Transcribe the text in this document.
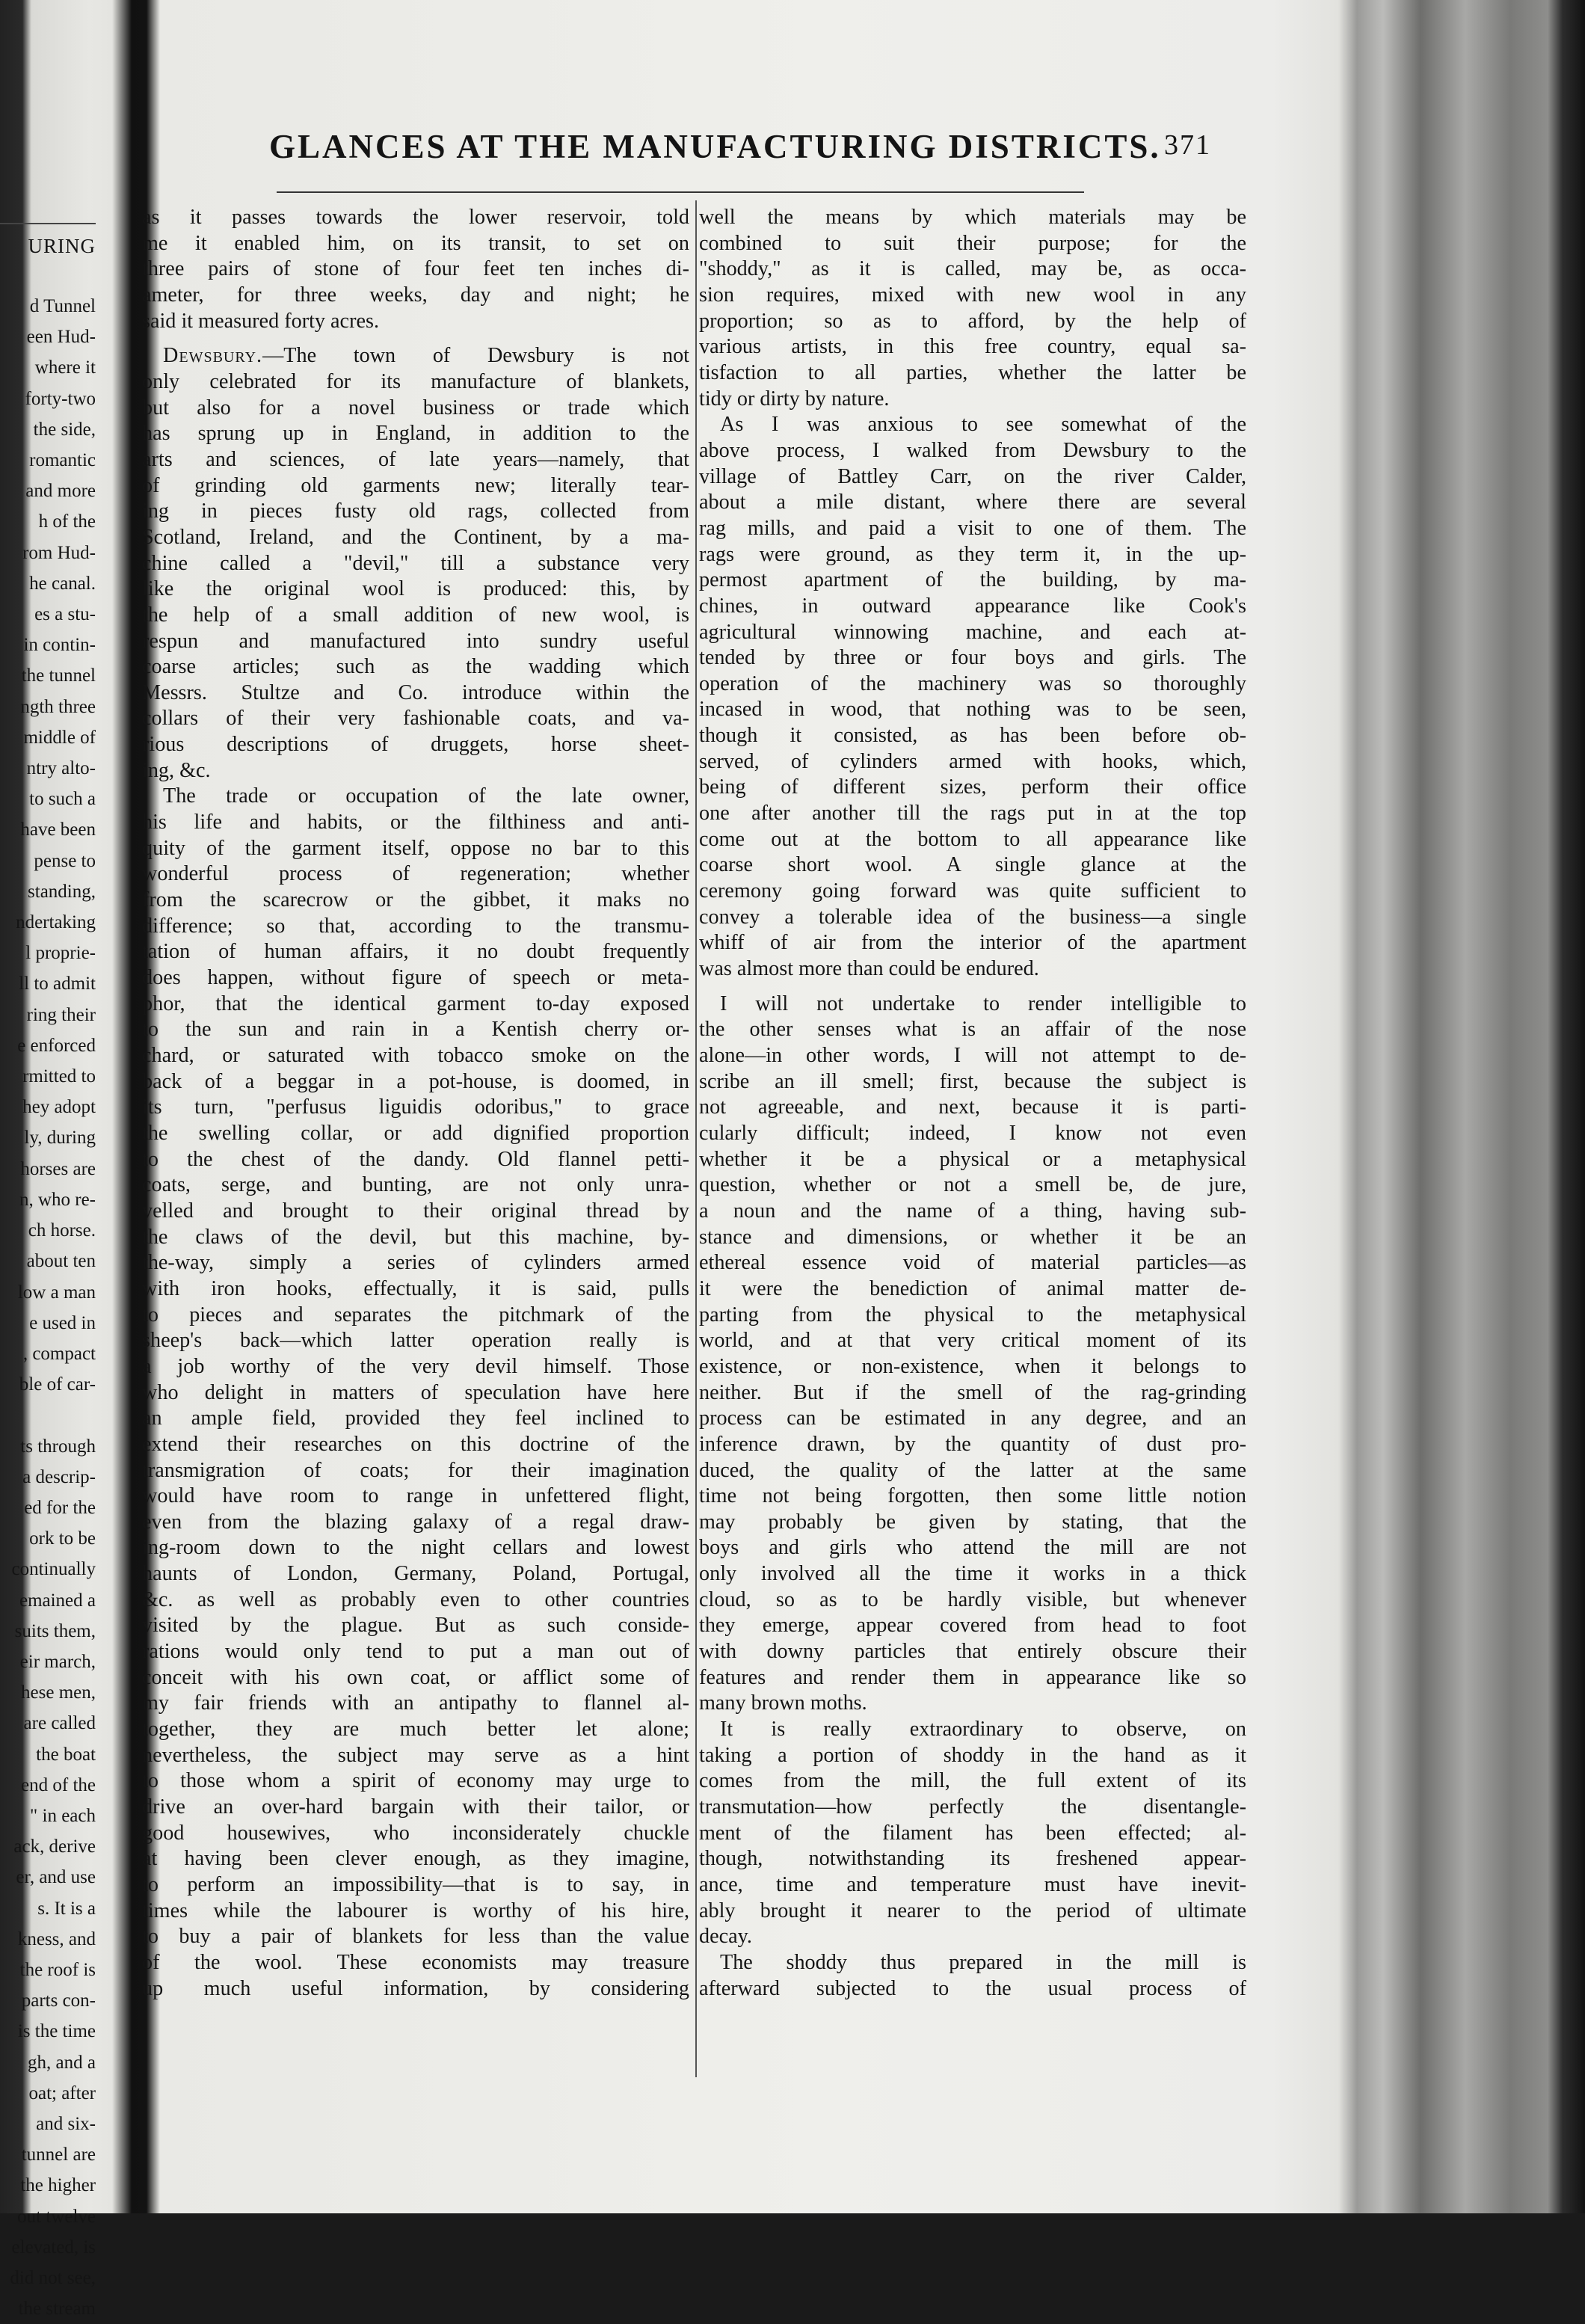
URING
d Tunnel
een Hud-
where it
forty-two
the side,
romantic
and more
h of the
rom Hud-
he canal.
es a stu-
in contin-
the tunnel
ngth three
middle of
ntry alto-
to such a
have been
pense to
standing,
ndertaking
l proprie-
ll to admit
ring their
e enforced
rmitted to
hey adopt
ly, during
horses are
n, who re-
ch horse.
about ten
low a man
e used in
, compact
ble of car-

ts through
a descrip-
ed for the
ork to be
continually
emained a
suits them,
eir march,
hese men,
are called
the boat
end of the
" in each
ack, derive
er, and use
s. It is a
kness, and
the roof is
parts con-
is the time
gh, and a
oat; after
and six-
tunnel are
the higher
out twelve
elevated, is
did not see,
the stream
GLANCES AT THE MANUFACTURING DISTRICTS. 371
as it passes towards the lower reservoir, told
me it enabled him, on its transit, to set on
three pairs of stone of four feet ten inches di-
ameter, for three weeks, day and night; he
said it measured forty acres.
Dewsbury.—The town of Dewsbury is not
only celebrated for its manufacture of blankets,
but also for a novel business or trade which
has sprung up in England, in addition to the
arts and sciences, of late years—namely, that
of grinding old garments new; literally tear-
ing in pieces fusty old rags, collected from
Scotland, Ireland, and the Continent, by a ma-
chine called a "devil," till a substance very
like the original wool is produced: this, by
the help of a small addition of new wool, is
respun and manufactured into sundry useful
coarse articles; such as the wadding which
Messrs. Stultze and Co. introduce within the
collars of their very fashionable coats, and va-
rious descriptions of druggets, horse sheet-
ing, &c.
The trade or occupation of the late owner,
his life and habits, or the filthiness and anti-
quity of the garment itself, oppose no bar to this
wonderful process of regeneration; whether
from the scarecrow or the gibbet, it maks no
difference; so that, according to the transmu-
tation of human affairs, it no doubt frequently
does happen, without figure of speech or meta-
phor, that the identical garment to-day exposed
to the sun and rain in a Kentish cherry or-
chard, or saturated with tobacco smoke on the
back of a beggar in a pot-house, is doomed, in
its turn, "perfusus liguidis odoribus," to grace
the swelling collar, or add dignified proportion
to the chest of the dandy. Old flannel petti-
coats, serge, and bunting, are not only unra-
velled and brought to their original thread by
the claws of the devil, but this machine, by-
the-way, simply a series of cylinders armed
with iron hooks, effectually, it is said, pulls
to pieces and separates the pitchmark of the
sheep's back—which latter operation really is
a job worthy of the very devil himself. Those
who delight in matters of speculation have here
an ample field, provided they feel inclined to
extend their researches on this doctrine of the
transmigration of coats; for their imagination
would have room to range in unfettered flight,
even from the blazing galaxy of a regal draw-
ing-room down to the night cellars and lowest
haunts of London, Germany, Poland, Portugal,
&c. as well as probably even to other countries
visited by the plague. But as such conside-
rations would only tend to put a man out of
conceit with his own coat, or afflict some of
my fair friends with an antipathy to flannel al-
together, they are much better let alone;
nevertheless, the subject may serve as a hint
to those whom a spirit of economy may urge to
drive an over-hard bargain with their tailor, or
good housewives, who inconsiderately chuckle
at having been clever enough, as they imagine,
to perform an impossibility—that is to say, in
times while the labourer is worthy of his hire,
to buy a pair of blankets for less than the value
of the wool. These economists may treasure
up much useful information, by considering
well the means by which materials may be
combined to suit their purpose; for the
"shoddy," as it is called, may be, as occa-
sion requires, mixed with new wool in any
proportion; so as to afford, by the help of
various artists, in this free country, equal sa-
tisfaction to all parties, whether the latter be
tidy or dirty by nature.
As I was anxious to see somewhat of the
above process, I walked from Dewsbury to the
village of Battley Carr, on the river Calder,
about a mile distant, where there are several
rag mills, and paid a visit to one of them. The
rags were ground, as they term it, in the up-
permost apartment of the building, by ma-
chines, in outward appearance like Cook's
agricultural winnowing machine, and each at-
tended by three or four boys and girls. The
operation of the machinery was so thoroughly
incased in wood, that nothing was to be seen,
though it consisted, as has been before ob-
served, of cylinders armed with hooks, which,
being of different sizes, perform their office
one after another till the rags put in at the top
come out at the bottom to all appearance like
coarse short wool. A single glance at the
ceremony going forward was quite sufficient to
convey a tolerable idea of the business—a single
whiff of air from the interior of the apartment
was almost more than could be endured.
I will not undertake to render intelligible to
the other senses what is an affair of the nose
alone—in other words, I will not attempt to de-
scribe an ill smell; first, because the subject is
not agreeable, and next, because it is parti-
cularly difficult; indeed, I know not even
whether it be a physical or a metaphysical
question, whether or not a smell be, de jure,
a noun and the name of a thing, having sub-
stance and dimensions, or whether it be an
ethereal essence void of material particles—as
it were the benediction of animal matter de-
parting from the physical to the metaphysical
world, and at that very critical moment of its
existence, or non-existence, when it belongs to
neither. But if the smell of the rag-grinding
process can be estimated in any degree, and an
inference drawn, by the quantity of dust pro-
duced, the quality of the latter at the same
time not being forgotten, then some little notion
may probably be given by stating, that the
boys and girls who attend the mill are not
only involved all the time it works in a thick
cloud, so as to be hardly visible, but whenever
they emerge, appear covered from head to foot
with downy particles that entirely obscure their
features and render them in appearance like so
many brown moths.
It is really extraordinary to observe, on
taking a portion of shoddy in the hand as it
comes from the mill, the full extent of its
transmutation—how perfectly the disentangle-
ment of the filament has been effected; al-
though, notwithstanding its freshened appear-
ance, time and temperature must have inevit-
ably brought it nearer to the period of ultimate
decay.
The shoddy thus prepared in the mill is
afterward subjected to the usual process of
